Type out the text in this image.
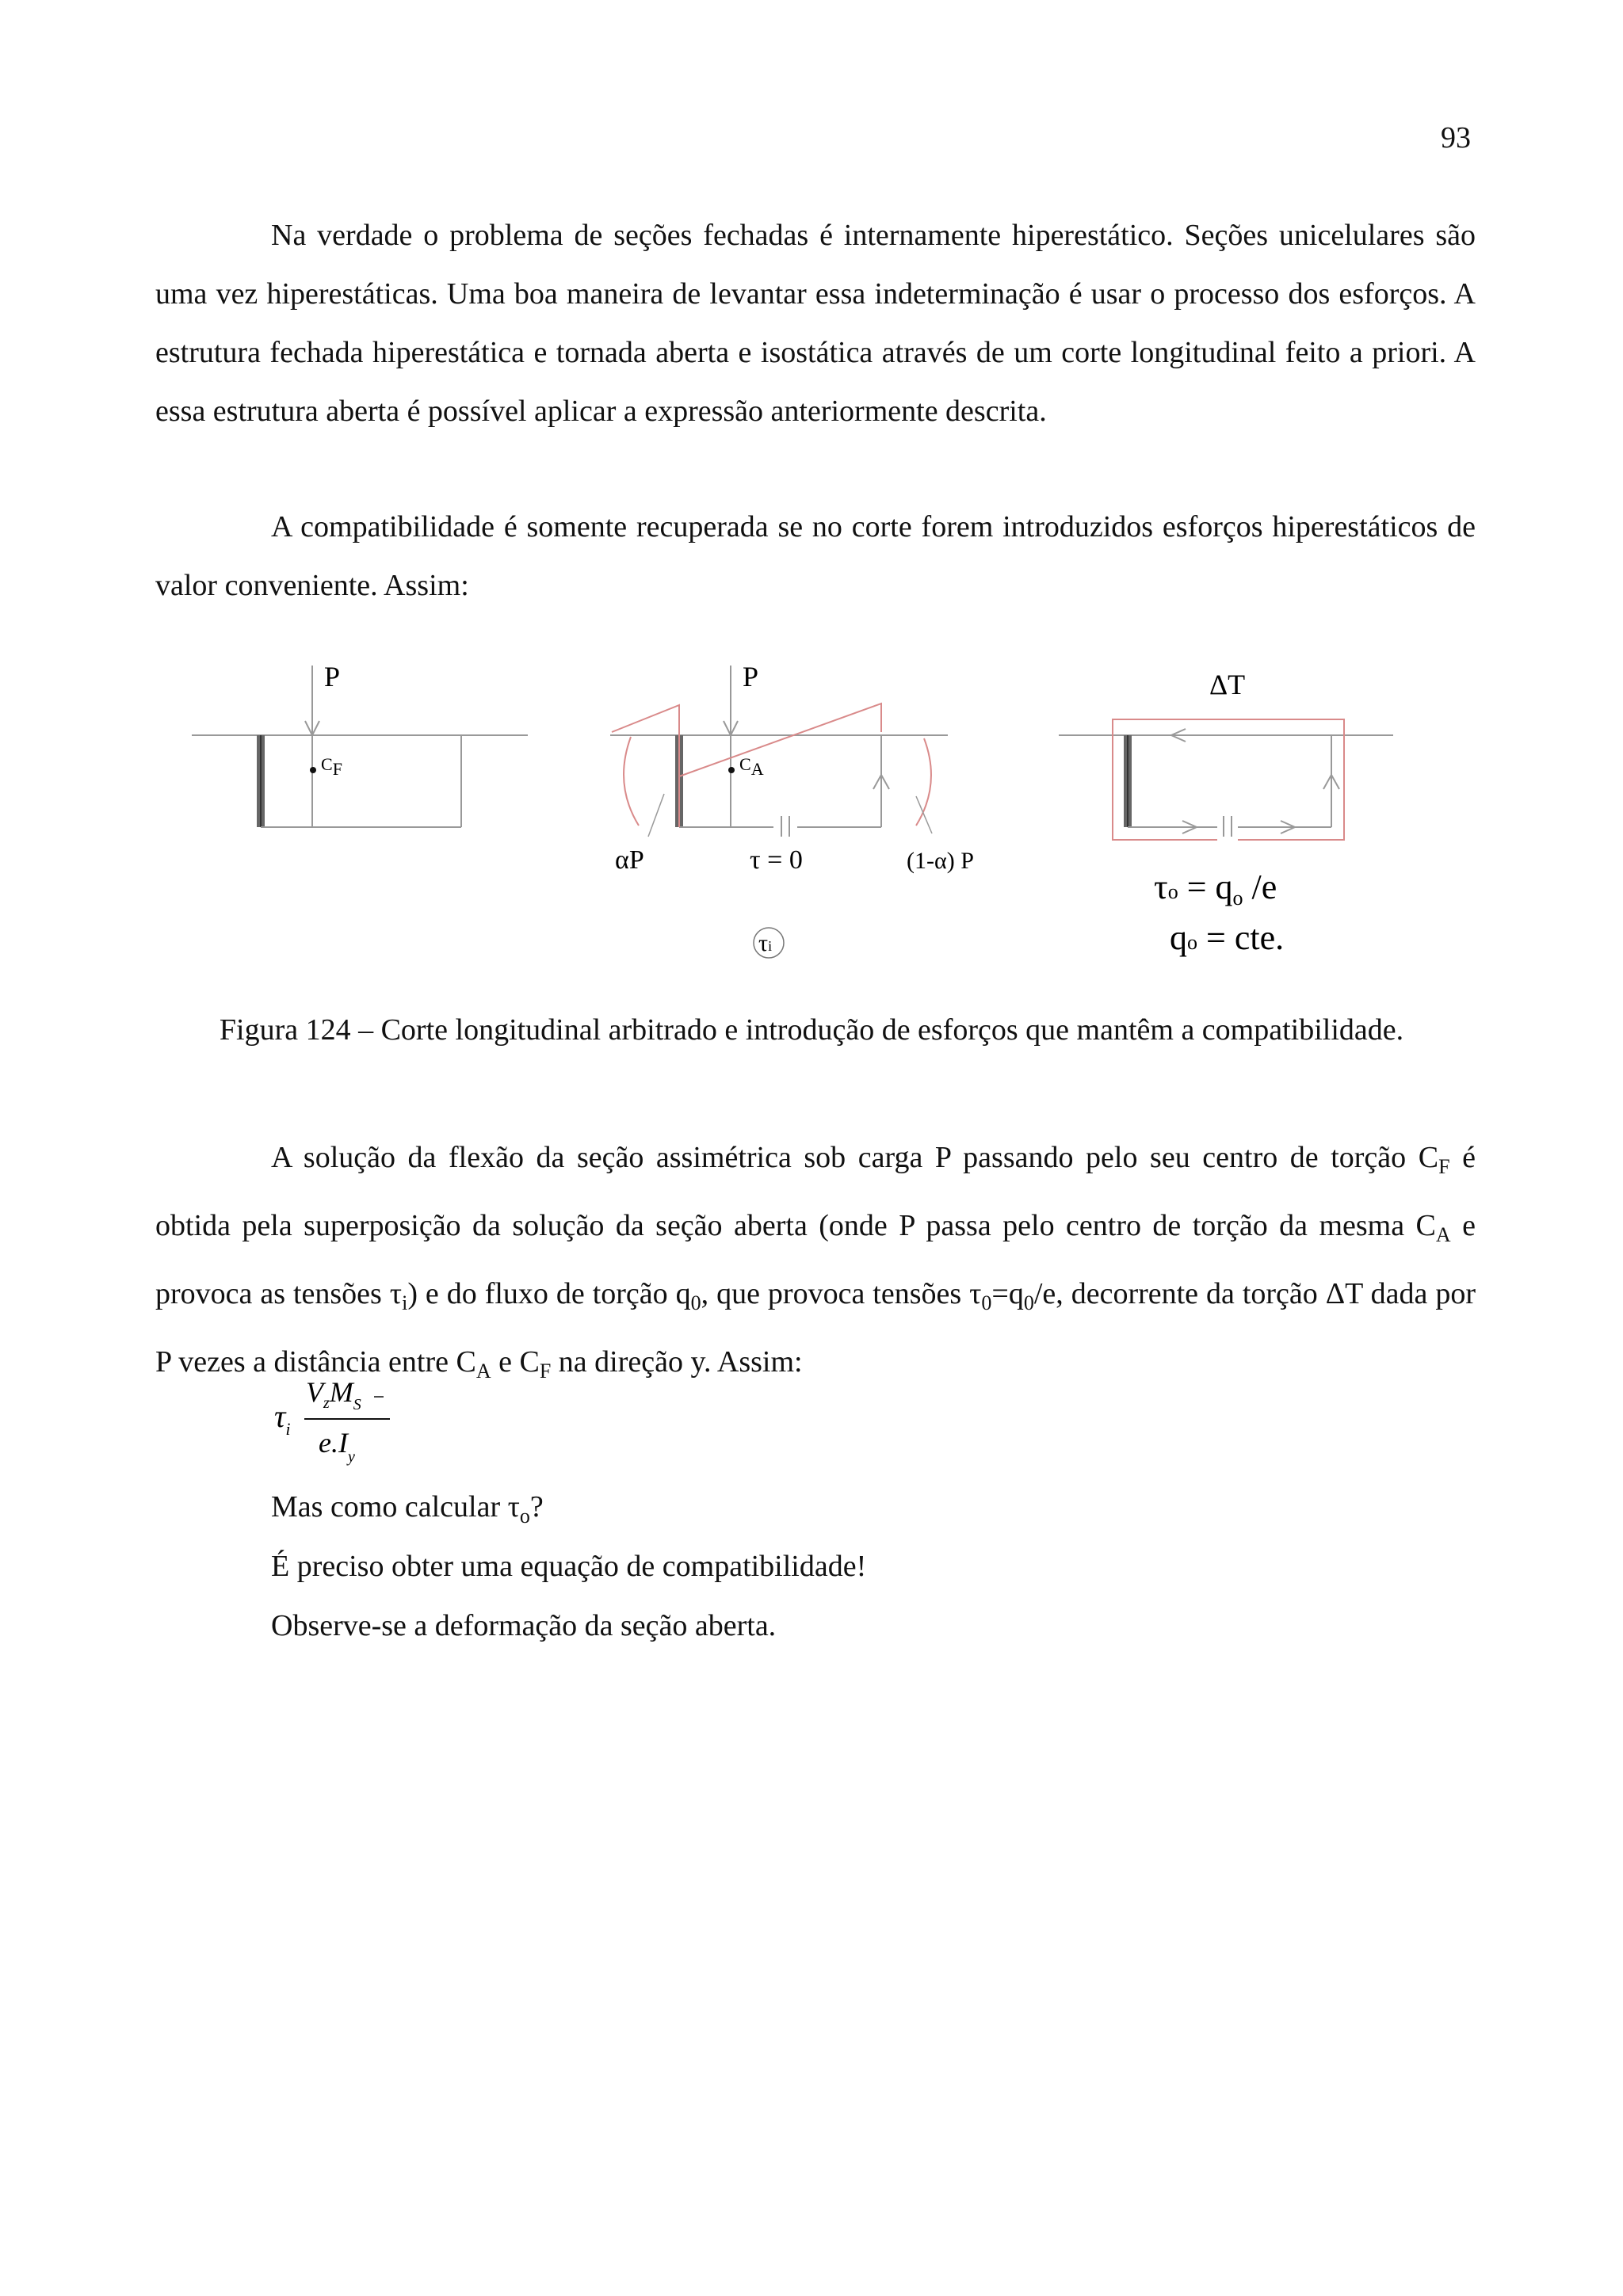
93

Na verdade o problema de seções fechadas é internamente hiperestático. Seções unicelulares são uma vez hiperestáticas. Uma boa maneira de levantar essa indeterminação é usar o processo dos esforços. A estrutura fechada hiperestática e tornada aberta e isostática através de um corte longitudinal feito a priori. A essa estrutura aberta é possível aplicar a expressão anteriormente descrita.

A compatibilidade é somente recuperada se no corte forem introduzidos esforços hiperestáticos de valor conveniente. Assim:

P
CF
P
CA
αP	τ = 0	(1-α) P
τi
ΔT
τo = qo /e
qo = cte.
Figura 124 – Corte longitudinal arbitrado e introdução de esforços que mantêm a compatibilidade.

A solução da flexão da seção assimétrica sob carga P passando pelo seu centro de torção $C_F$ é obtida pela superposição da solução da seção aberta (onde P passa pelo centro de torção da mesma $C_A$ e provoca as tensões $\tau_i$) e do fluxo de torção $q_0$, que provoca tensões $\tau_0=q_0/e$, decorrente da torção ΔT dada por P vezes a distância entre $C_A$ e $C_F$ na direção y. Assim:

$\tau_i$
$V_zM_S$
$e.I_y$
Mas como calcular $\tau_o$?
É preciso obter uma equação de compatibilidade!
Observe-se a deformação da seção aberta.
